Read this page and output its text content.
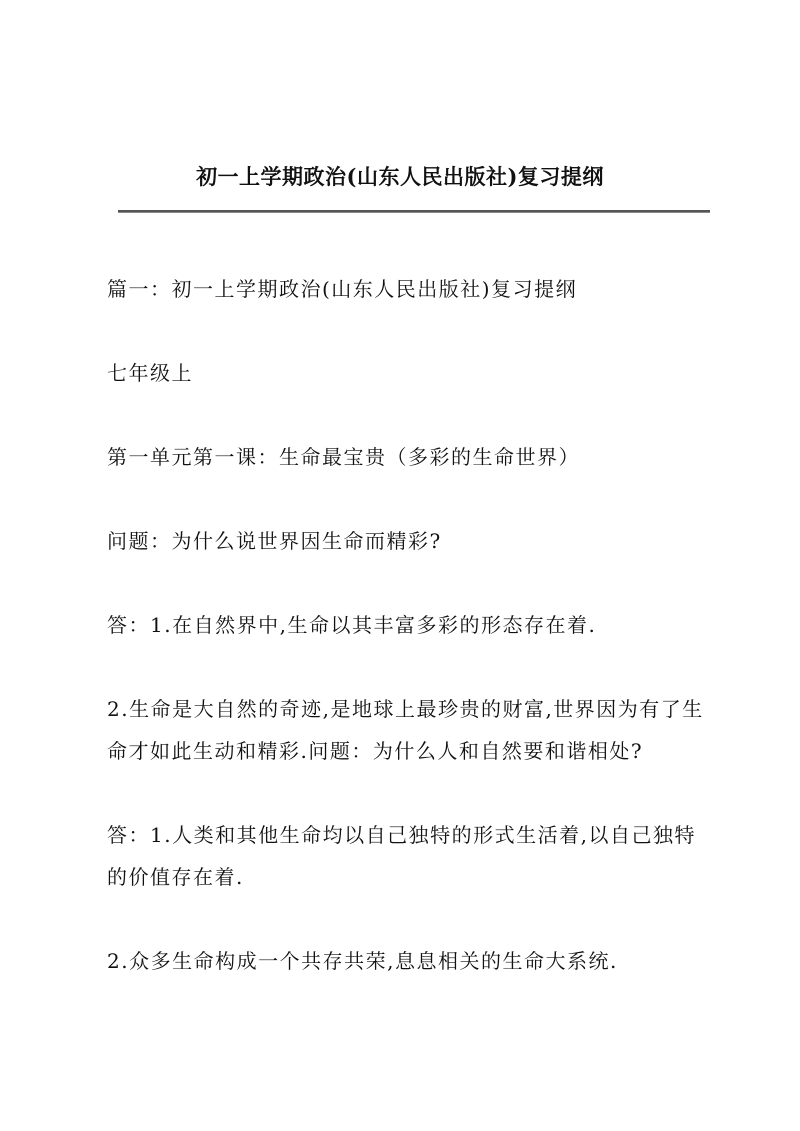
初一上学期政治(山东人民出版社)复习提纲

篇一：初一上学期政治(山东人民出版社)复习提纲

七年级上

第一单元第一课：生命最宝贵（多彩的生命世界）

问题：为什么说世界因生命而精彩?

答：1.在自然界中,生命以其丰富多彩的形态存在着.

2.生命是大自然的奇迹,是地球上最珍贵的财富,世界因为有了生命才如此生动和精彩.问题：为什么人和自然要和谐相处?

答：1.人类和其他生命均以自己独特的形式生活着,以自己独特的价值存在着.

2.众多生命构成一个共存共荣,息息相关的生命大系统.
